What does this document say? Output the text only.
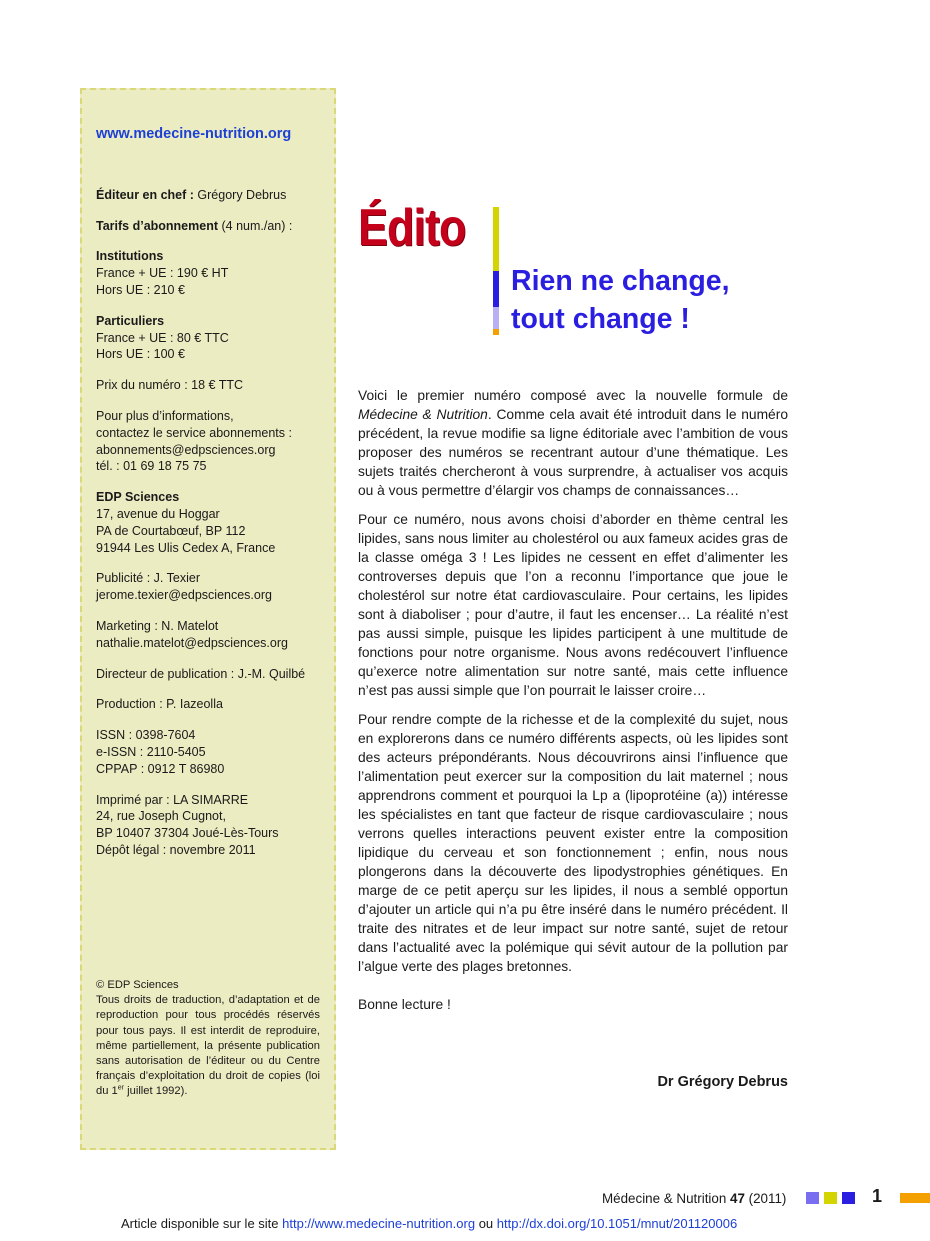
www.medecine-nutrition.org

Éditeur en chef : Grégory Debrus

Tarifs d’abonnement (4 num./an) :

Institutions
France + UE : 190 € HT
Hors UE : 210 €

Particuliers
France + UE : 80 € TTC
Hors UE : 100 €

Prix du numéro : 18 € TTC

Pour plus d’informations,
contactez le service abonnements :
abonnements@edpsciences.org
tél. : 01 69 18 75 75

EDP Sciences
17, avenue du Hoggar
PA de Courtabœuf, BP 112
91944 Les Ulis Cedex A, France

Publicité : J. Texier
jerome.texier@edpsciences.org

Marketing : N. Matelot
nathalie.matelot@edpsciences.org

Directeur de publication : J.-M. Quilbé

Production : P. Iazeolla

ISSN : 0398-7604
e-ISSN : 2110-5405
CPPAP : 0912 T 86980

Imprimé par : LA SIMARRE
24, rue Joseph Cugnot,
BP 10407 37304 Joué-Lès-Tours
Dépôt légal : novembre 2011

© EDP Sciences
Tous droits de traduction, d’adaptation et de reproduction pour tous procédés réservés pour tous pays. Il est interdit de reproduire, même partiellement, la présente publication sans autorisation de l’éditeur ou du Centre français d’exploitation du droit de copies (loi du 1er juillet 1992).
Édito
Rien ne change,
tout change !

Voici le premier numéro composé avec la nouvelle formule de Médecine & Nutrition. Comme cela avait été introduit dans le numéro précédent, la revue modifie sa ligne éditoriale avec l’ambition de vous proposer des numéros se recentrant autour d’une thématique. Les sujets traités chercheront à vous surprendre, à actualiser vos acquis ou à vous permettre d’élargir vos champs de connaissances…

Pour ce numéro, nous avons choisi d’aborder en thème central les lipides, sans nous limiter au cholestérol ou aux fameux acides gras de la classe oméga 3 ! Les lipides ne cessent en effet d’alimenter les controverses depuis que l’on a reconnu l’importance que joue le cholestérol sur notre état cardiovasculaire. Pour certains, les lipides sont à diaboliser ; pour d’autre, il faut les encenser… La réalité n’est pas aussi simple, puisque les lipides participent à une multitude de fonctions pour notre organisme. Nous avons redécouvert l’influence qu’exerce notre alimentation sur notre santé, mais cette influence n’est pas aussi simple que l’on pourrait le laisser croire…

Pour rendre compte de la richesse et de la complexité du sujet, nous en explorerons dans ce numéro différents aspects, où les lipides sont des acteurs prépondérants. Nous découvrirons ainsi l’influence que l’alimentation peut exercer sur la composition du lait maternel ; nous apprendrons comment et pourquoi la Lp a (lipoprotéine (a)) intéresse les spécialistes en tant que facteur de risque cardiovasculaire ; nous verrons quelles interactions peuvent exister entre la composition lipidique du cerveau et son fonctionnement ; enfin, nous nous plongerons dans la découverte des lipodystrophies génétiques. En marge de ce petit aperçu sur les lipides, il nous a semblé opportun d’ajouter un article qui n’a pu être inséré dans le numéro précédent. Il traite des nitrates et de leur impact sur notre santé, sujet de retour dans l’actualité avec la polémique qui sévit autour de la pollution par l’algue verte des plages bretonnes.

Bonne lecture !
Dr Grégory Debrus
Médecine & Nutrition 47 (2011)	1
Article disponible sur le site http://www.medecine-nutrition.org ou http://dx.doi.org/10.1051/mnut/201120006
